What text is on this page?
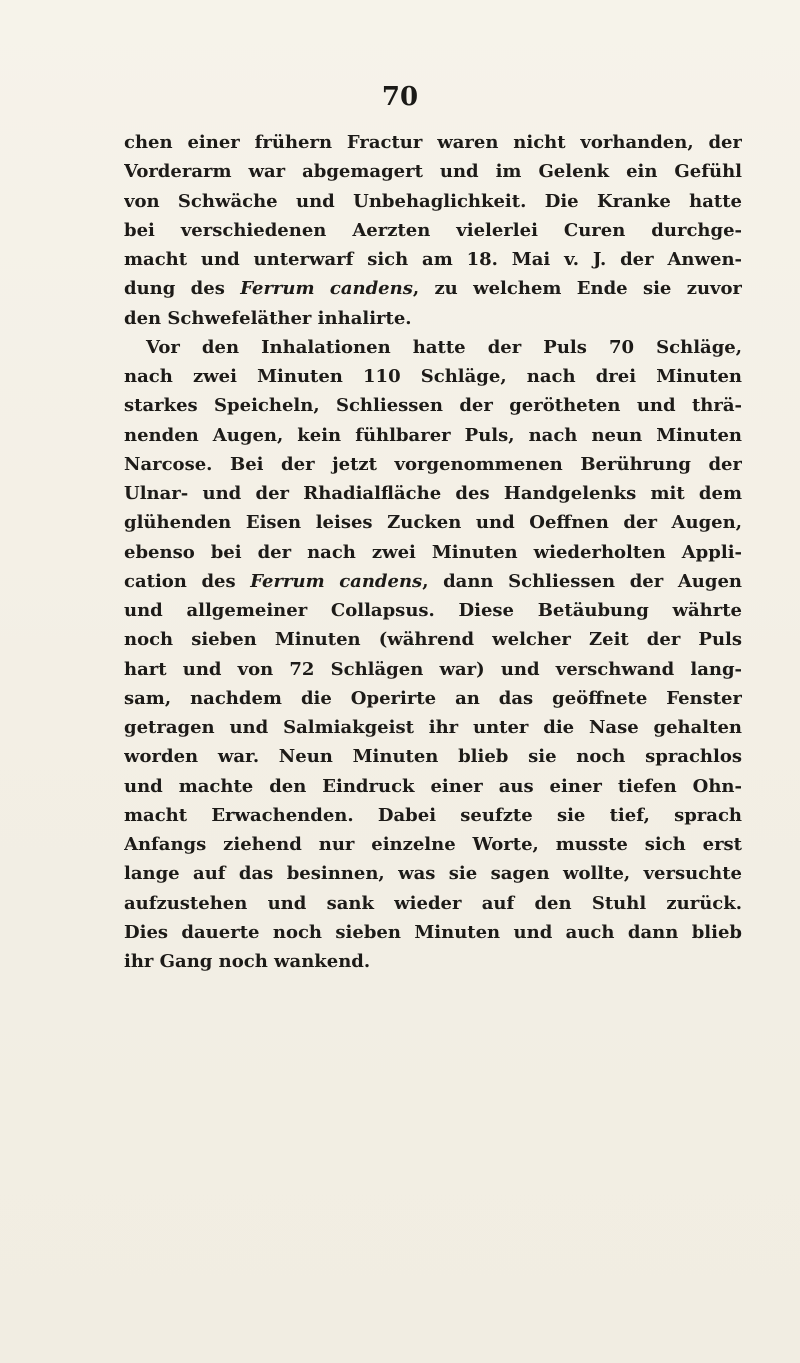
70
chen einer frühern Fractur waren nicht vorhanden, der
Vorderarm war abgemagert und im Gelenk ein Gefühl
von Schwäche und Unbehaglichkeit. Die Kranke hatte
bei verschiedenen Aerzten vielerlei Curen durchge-
macht und unterwarf sich am 18. Mai v. J. der Anwen-
dung des Ferrum candens, zu welchem Ende sie zuvor
den Schwefeläther inhalirte.
Vor den Inhalationen hatte der Puls 70 Schläge,
nach zwei Minuten 110 Schläge, nach drei Minuten
starkes Speicheln, Schliessen der gerötheten und thrä-
nenden Augen, kein fühlbarer Puls, nach neun Minuten
Narcose. Bei der jetzt vorgenommenen Berührung der
Ulnar- und der Rhadialfläche des Handgelenks mit dem
glühenden Eisen leises Zucken und Oeffnen der Augen,
ebenso bei der nach zwei Minuten wiederholten Appli-
cation des Ferrum candens, dann Schliessen der Augen
und allgemeiner Collapsus. Diese Betäubung währte
noch sieben Minuten (während welcher Zeit der Puls
hart und von 72 Schlägen war) und verschwand lang-
sam, nachdem die Operirte an das geöffnete Fenster
getragen und Salmiakgeist ihr unter die Nase gehalten
worden war. Neun Minuten blieb sie noch sprachlos
und machte den Eindruck einer aus einer tiefen Ohn-
macht Erwachenden. Dabei seufzte sie tief, sprach
Anfangs ziehend nur einzelne Worte, musste sich erst
lange auf das besinnen, was sie sagen wollte, versuchte
aufzustehen und sank wieder auf den Stuhl zurück.
Dies dauerte noch sieben Minuten und auch dann blieb
ihr Gang noch wankend.
